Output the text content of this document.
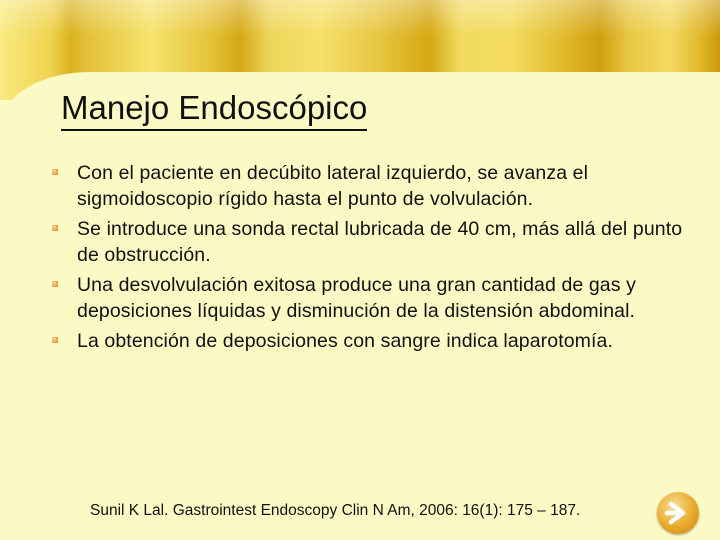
Manejo Endoscópico
Con el paciente en decúbito lateral izquierdo, se avanza el sigmoidoscopio rígido hasta el punto de volvulación.
Se introduce una sonda rectal lubricada de 40 cm, más allá del punto de obstrucción.
Una desvolvulación exitosa produce una gran cantidad de gas y deposiciones líquidas y disminución de la distensión abdominal.
La obtención de deposiciones con sangre indica laparotomía.

Sunil K Lal. Gastrointest Endoscopy Clin N Am, 2006: 16(1): 175 – 187.
